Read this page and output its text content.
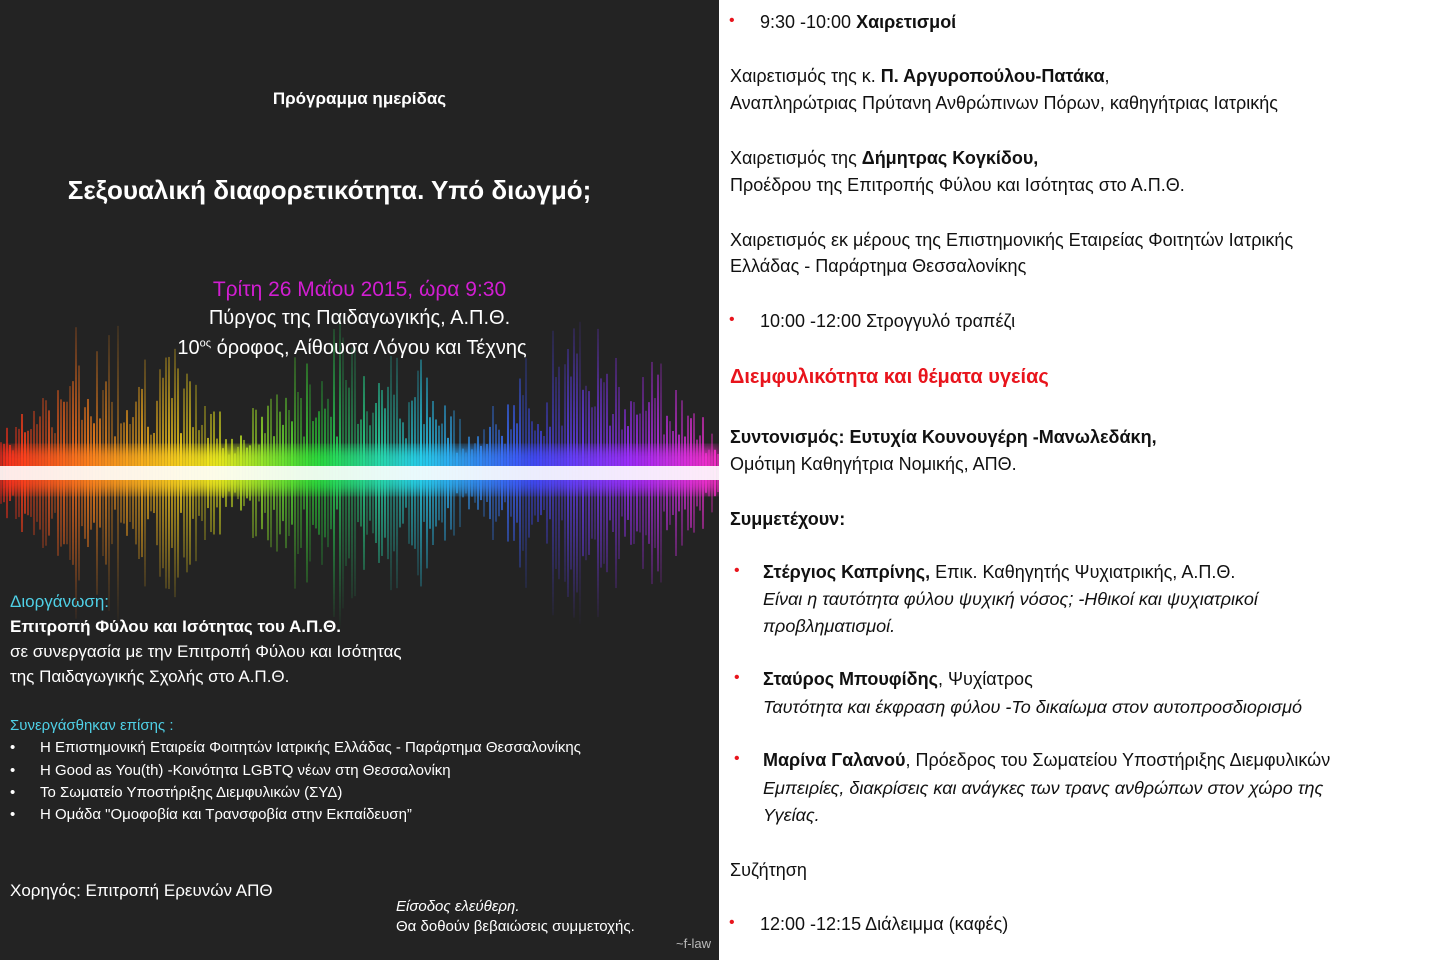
Πρόγραμμα ημερίδας
Σεξουαλική διαφορετικότητα. Υπό διωγμό;
Τρίτη 26 Μαΐου 2015, ώρα 9:30
Πύργος της Παιδαγωγικής, Α.Π.Θ.
$10^{o\varsigma}$ όροφος, Αίθουσα Λόγου και Τέχνης
Διοργάνωση:
Επιτροπή Φύλου και Ισότητας του Α.Π.Θ.
σε συνεργασία με την Επιτροπή Φύλου και Ισότητας
της Παιδαγωγικής Σχολής στο Α.Π.Θ.
Συνεργάσθηκαν επίσης :
• Η Επιστημονική Εταιρεία Φοιτητών Ιατρικής Ελλάδας - Παράρτημα Θεσσαλονίκης
• Η Good as You(th) -Κοινότητα LGBTQ νέων στη Θεσσαλονίκη
• Το Σωματείο Υποστήριξης Διεμφυλικών (ΣΥΔ)
• Η Ομάδα "Ομοφοβία και Τρανσφοβία στην Εκπαίδευση”
Χορηγός: Επιτροπή Ερευνών ΑΠΘ
Είσοδος ελεύθερη.
Θα δοθούν βεβαιώσεις συμμετοχής.
~f-law
• 9:30 -10:00 Χαιρετισμοί
Χαιρετισμός της κ. Π. Αργυροπούλου-Πατάκα,
Αναπληρώτριας Πρύτανη Ανθρώπινων Πόρων, καθηγήτριας Ιατρικής
Χαιρετισμός της Δήμητρας Κογκίδου,
Προέδρου της Επιτροπής Φύλου και Ισότητας στο Α.Π.Θ.
Χαιρετισμός εκ μέρους της Επιστημονικής Εταιρείας Φοιτητών Ιατρικής
Ελλάδας - Παράρτημα Θεσσαλονίκης
• 10:00 -12:00 Στρογγυλό τραπέζι
Διεμφυλικότητα και θέματα υγείας
Συντονισμός: Ευτυχία Κουνουγέρη -Μανωλεδάκη,
Ομότιμη Καθηγήτρια Νομικής, ΑΠΘ.
Συμμετέχουν:
• Στέργιος Καπρίνης, Επικ. Καθηγητής Ψυχιατρικής, Α.Π.Θ.
Είναι η ταυτότητα φύλου ψυχική νόσος; -Ηθικοί και ψυχιατρικοί
προβληματισμοί.
• Σταύρος Μπουφίδης, Ψυχίατρος
Ταυτότητα και έκφραση φύλου -Το δικαίωμα στον αυτοπροσδιορισμό
• Μαρίνα Γαλανού, Πρόεδρος του Σωματείου Υποστήριξης Διεμφυλικών
Εμπειρίες, διακρίσεις και ανάγκες των τρανς ανθρώπων στον χώρο της
Υγείας.
Συζήτηση
• 12:00 -12:15 Διάλειμμα (καφές)
